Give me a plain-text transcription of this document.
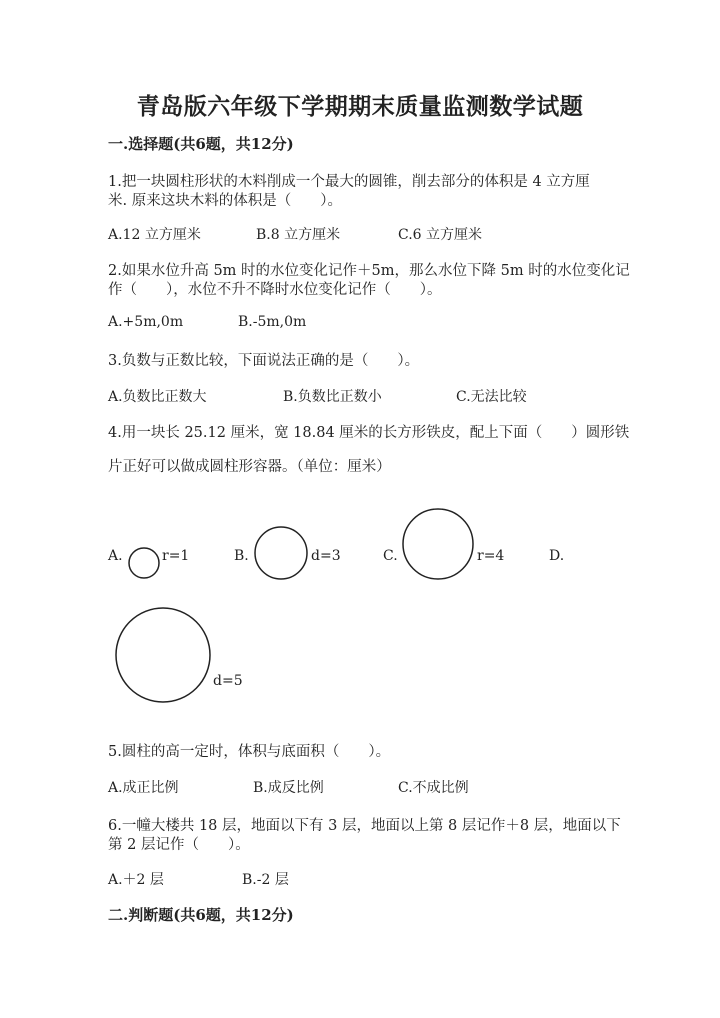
青岛版六年级下学期期末质量监测数学试题
一.选择题(共6题，共12分)
1.把一块圆柱形状的木料削成一个最大的圆锥，削去部分的体积是 4 立方厘
米. 原来这块木料的体积是（　　）。
A.12 立方厘米	B.8 立方厘米	C.6 立方厘米
2.如果水位升高 5m 时的水位变化记作＋5m，那么水位下降 5m 时的水位变化记
作（　　），水位不升不降时水位变化记作（　　）。
A.+5m,0m	B.-5m,0m
3.负数与正数比较，下面说法正确的是（　　）。
A.负数比正数大	B.负数比正数小	C.无法比较
4.用一块长 25.12 厘米，宽 18.84 厘米的长方形铁皮，配上下面（　　）圆形铁
片正好可以做成圆柱形容器。（单位：厘米）
A.	r=1	B.	d=3	C.	r=4	D.
d=5
5.圆柱的高一定时，体积与底面积（　　）。
A.成正比例	B.成反比例	C.不成比例
6.一幢大楼共 18 层，地面以下有 3 层，地面以上第 8 层记作＋8 层，地面以下
第 2 层记作（　　）。
A.＋2 层	B.-2 层
二.判断题(共6题，共12分)
